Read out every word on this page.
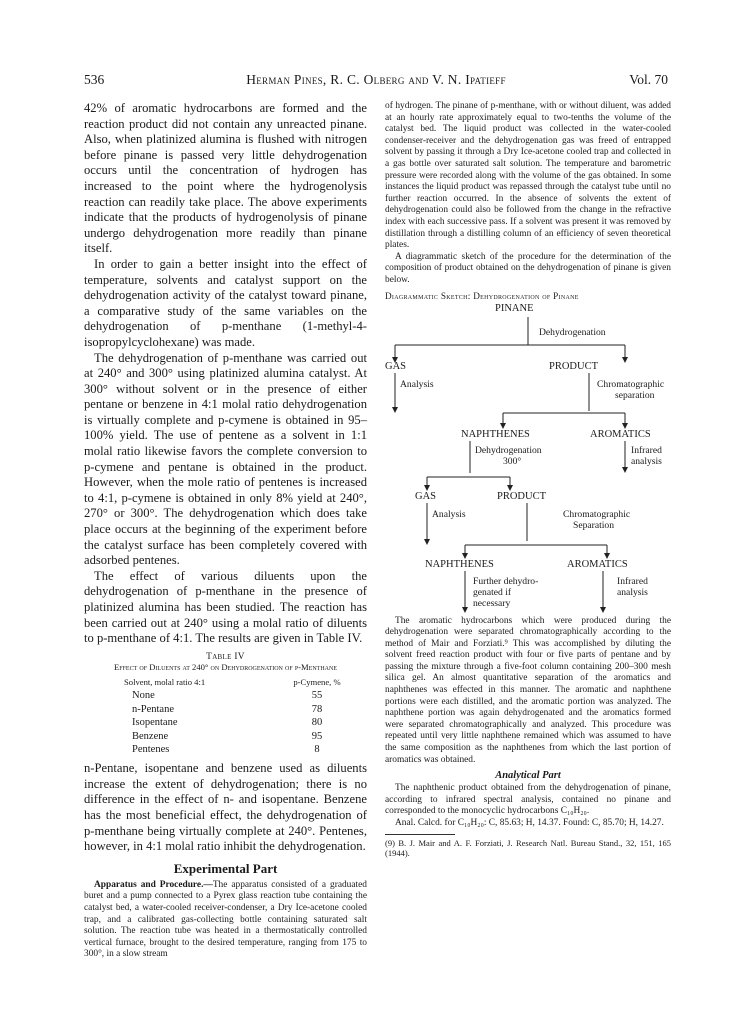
536	Herman Pines, R. C. Olberg and V. N. Ipatieff	Vol. 70

42% of aromatic hydrocarbons are formed and the reaction product did not contain any unreacted pinane. Also, when platinized alumina is flushed with nitrogen before pinane is passed very little dehydrogenation occurs until the concentration of hydrogen has increased to the point where the hydrogenolysis reaction can readily take place. The above experiments indicate that the products of hydrogenolysis of pinane undergo dehydrogenation more readily than pinane itself.

In order to gain a better insight into the effect of temperature, solvents and catalyst support on the dehydrogenation activity of the catalyst toward pinane, a comparative study of the same variables on the dehydrogenation of p-menthane (1-methyl-4-isopropylcyclohexane) was made.

The dehydrogenation of p-menthane was carried out at 240° and 300° using platinized alumina catalyst. At 300° without solvent or in the presence of either pentane or benzene in 4:1 molal ratio dehydrogenation is virtually complete and p-cymene is obtained in 95–100% yield. The use of pentene as a solvent in 1:1 molal ratio likewise favors the complete conversion to p-cymene and pentane is obtained in the product. However, when the mole ratio of pentenes is increased to 4:1, p-cymene is obtained in only 8% yield at 240°, 270° or 300°. The dehydrogenation which does take place occurs at the beginning of the experiment before the catalyst surface has been completely covered with adsorbed pentenes.

The effect of various diluents upon the dehydrogenation of p-menthane in the presence of platinized alumina has been studied. The reaction has been carried out at 240° using a molal ratio of diluents to p-menthane of 4:1. The results are given in Table IV.

Table IV
Effect of Diluents at 240° on Dehydrogenation of p-Menthane
Solvent, molal ratio 4:1	p-Cymene, %
None	55
n-Pentane	78
Isopentane	80
Benzene	95
Pentenes	8

n-Pentane, isopentane and benzene used as diluents increase the extent of dehydrogenation; there is no difference in the effect of n- and isopentane. Benzene has the most beneficial effect, the dehydrogenation of p-menthane being virtually complete at 240°. Pentenes, however, in 4:1 molal ratio inhibit the dehydrogenation.

Experimental Part

Apparatus and Procedure.—The apparatus consisted of a graduated buret and a pump connected to a Pyrex glass reaction tube containing the catalyst bed, a water-cooled receiver-condenser, a Dry Ice-acetone cooled trap, and a calibrated gas-collecting bottle containing saturated salt solution. The reaction tube was heated in a thermostatically controlled vertical furnace, brought to the desired temperature, ranging from 175 to 300°, in a slow stream

of hydrogen. The pinane of p-menthane, with or without diluent, was added at an hourly rate approximately equal to two-tenths the volume of the catalyst bed. The liquid product was collected in the water-cooled condenser-receiver and the dehydrogenation gas was freed of entrapped solvent by passing it through a Dry Ice-acetone cooled trap and collected in a gas bottle over saturated salt solution. The temperature and barometric pressure were recorded along with the volume of the gas obtained. In some instances the liquid product was repassed through the catalyst tube until no further reaction occurred. In the absence of solvents the extent of dehydrogenation could also be followed from the change in the refractive index with each successive pass. If a solvent was present it was removed by distillation through a distilling column of an efficiency of seven theoretical plates.

A diagrammatic sketch of the procedure for the determination of the composition of product obtained on the dehydrogenation of pinane is given below.

Diagrammatic Sketch: Dehydrogenation of Pinane
PINANE
Dehydrogenation
GAS	PRODUCT
Analysis	Chromatographic
separation
NAPHTHENES	AROMATICS
Dehydrogenation
300°
Infrared
analysis
GAS	PRODUCT
Analysis	Chromatographic
Separation
NAPHTHENES	AROMATICS
Further dehydro-
genated if
necessary
Infrared
analysis

The aromatic hydrocarbons which were produced during the dehydrogenation were separated chromatographically according to the method of Mair and Forziati.⁹ This was accomplished by diluting the solvent freed reaction product with four or five parts of pentane and by passing the mixture through a five-foot column containing 200–300 mesh silica gel. An almost quantitative separation of the aromatics and naphthenes was effected in this manner. The aromatic and naphthene portions were each distilled, and the aromatic portion was analyzed. The naphthene portion was again dehydrogenated and the aromatics formed were separated chromatographically and analyzed. This procedure was repeated until very little naphthene remained which was assumed to have the same composition as the naphthenes from which the last portion of aromatics was obtained.

Analytical Part

The naphthenic product obtained from the dehydrogenation of pinane, according to infrared spectral analysis, contained no pinane and corresponded to the monocyclic hydrocarbons C₁₀H₂₀.

Anal. Calcd. for C₁₀H₂₀: C, 85.63; H, 14.37. Found: C, 85.70; H, 14.27.

(9) B. J. Mair and A. F. Forziati, J. Research Natl. Bureau Stand., 32, 151, 165 (1944).
